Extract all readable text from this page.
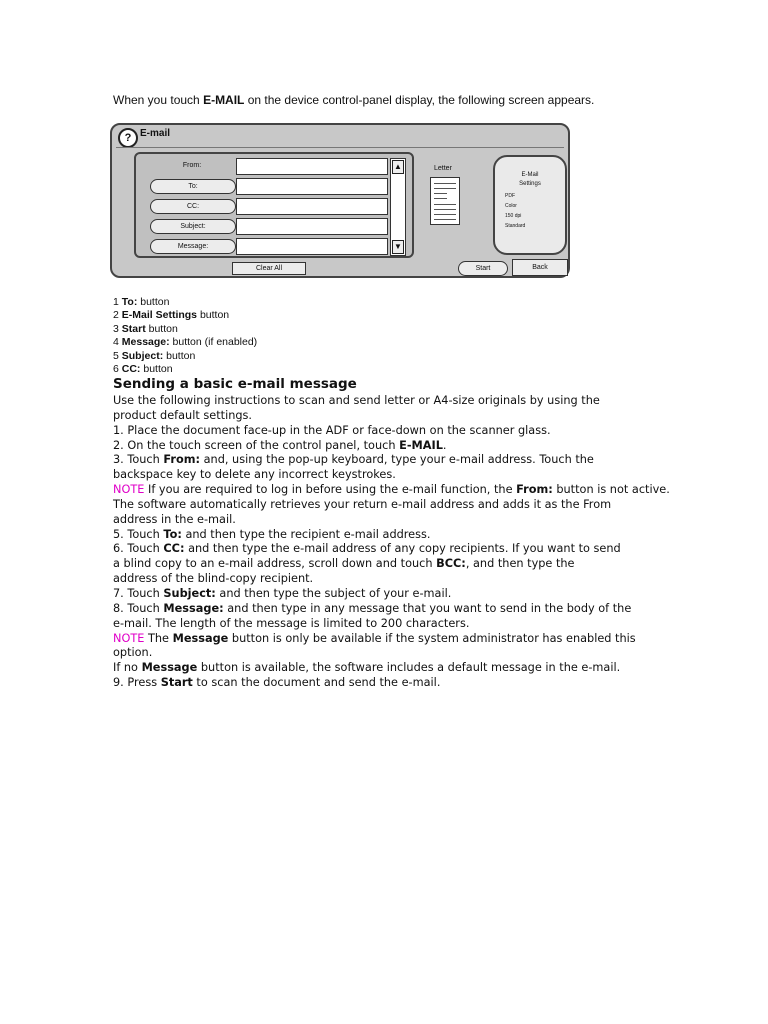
When you touch E-MAIL on the device control-panel display, the following screen appears.
? E-mail
From:
To:
CC:
Subject:
Message:
▲
▼
Clear All
Letter
E-Mail
Settings
PDF
Color
150 dpi
Standard
Start	Back
1 To: button
2 E-Mail Settings button
3 Start button
4 Message: button (if enabled)
5 Subject: button
6 CC: button
Sending a basic e-mail message
Use the following instructions to scan and send letter or A4-size originals by using the
product default settings.
1. Place the document face-up in the ADF or face-down on the scanner glass.
2. On the touch screen of the control panel, touch E-MAIL.
3. Touch From: and, using the pop-up keyboard, type your e-mail address. Touch the
backspace key to delete any incorrect keystrokes.
NOTE If you are required to log in before using the e-mail function, the From: button is not active.
The software automatically retrieves your return e-mail address and adds it as the From
address in the e-mail.
5. Touch To: and then type the recipient e-mail address.
6. Touch CC: and then type the e-mail address of any copy recipients. If you want to send
a blind copy to an e-mail address, scroll down and touch BCC:, and then type the
address of the blind-copy recipient.
7. Touch Subject: and then type the subject of your e-mail.
8. Touch Message: and then type in any message that you want to send in the body of the
e-mail. The length of the message is limited to 200 characters.
NOTE The Message button is only be available if the system administrator has enabled this
option.
If no Message button is available, the software includes a default message in the e-mail.
9. Press Start to scan the document and send the e-mail.
